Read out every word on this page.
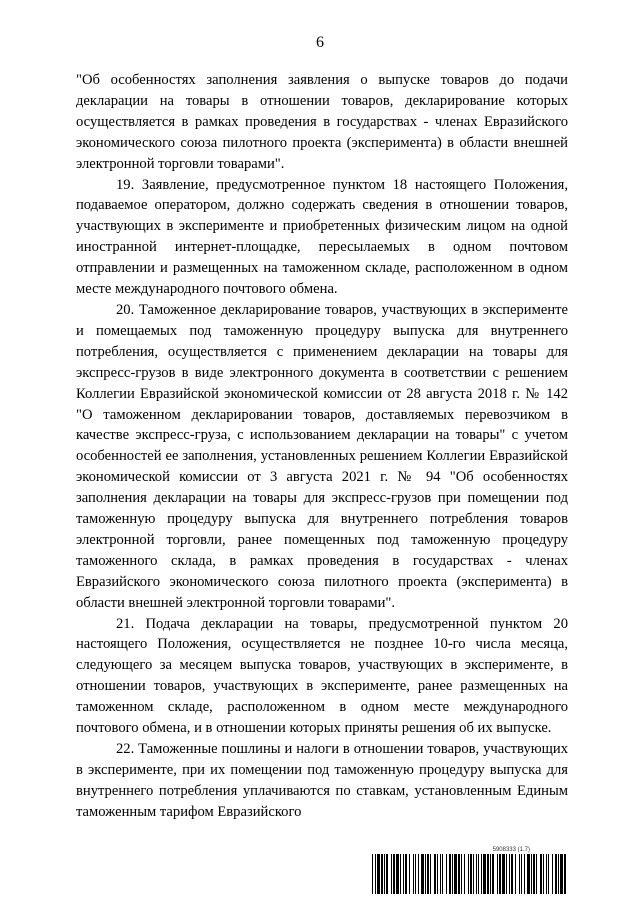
6

"Об особенностях заполнения заявления о выпуске товаров до подачи декларации на товары в отношении товаров, декларирование которых осуществляется в рамках проведения в государствах - членах Евразийского экономического союза пилотного проекта (эксперимента) в области внешней электронной торговли товарами".

19. Заявление, предусмотренное пунктом 18 настоящего Положения, подаваемое оператором, должно содержать сведения в отношении товаров, участвующих в эксперименте и приобретенных физическим лицом на одной иностранной интернет-площадке, пересылаемых в одном почтовом отправлении и размещенных на таможенном складе, расположенном в одном месте международного почтового обмена.

20. Таможенное декларирование товаров, участвующих в эксперименте и помещаемых под таможенную процедуру выпуска для внутреннего потребления, осуществляется с применением декларации на товары для экспресс-грузов в виде электронного документа в соответствии с решением Коллегии Евразийской экономической комиссии от 28 августа 2018 г. № 142 "О таможенном декларировании товаров, доставляемых перевозчиком в качестве экспресс-груза, с использованием декларации на товары" с учетом особенностей ее заполнения, установленных решением Коллегии Евразийской экономической комиссии от 3 августа 2021 г. № 94 "Об особенностях заполнения декларации на товары для экспресс-грузов при помещении под таможенную процедуру выпуска для внутреннего потребления товаров электронной торговли, ранее помещенных под таможенную процедуру таможенного склада, в рамках проведения в государствах - членах Евразийского экономического союза пилотного проекта (эксперимента) в области внешней электронной торговли товарами".

21. Подача декларации на товары, предусмотренной пунктом 20 настоящего Положения, осуществляется не позднее 10-го числа месяца, следующего за месяцем выпуска товаров, участвующих в эксперименте, в отношении товаров, участвующих в эксперименте, ранее размещенных на таможенном складе, расположенном в одном месте международного почтового обмена, и в отношении которых приняты решения об их выпуске.

22. Таможенные пошлины и налоги в отношении товаров, участвующих в эксперименте, при их помещении под таможенную процедуру выпуска для внутреннего потребления уплачиваются по ставкам, установленным Единым таможенным тарифом Евразийского

5908333 (1.7)
